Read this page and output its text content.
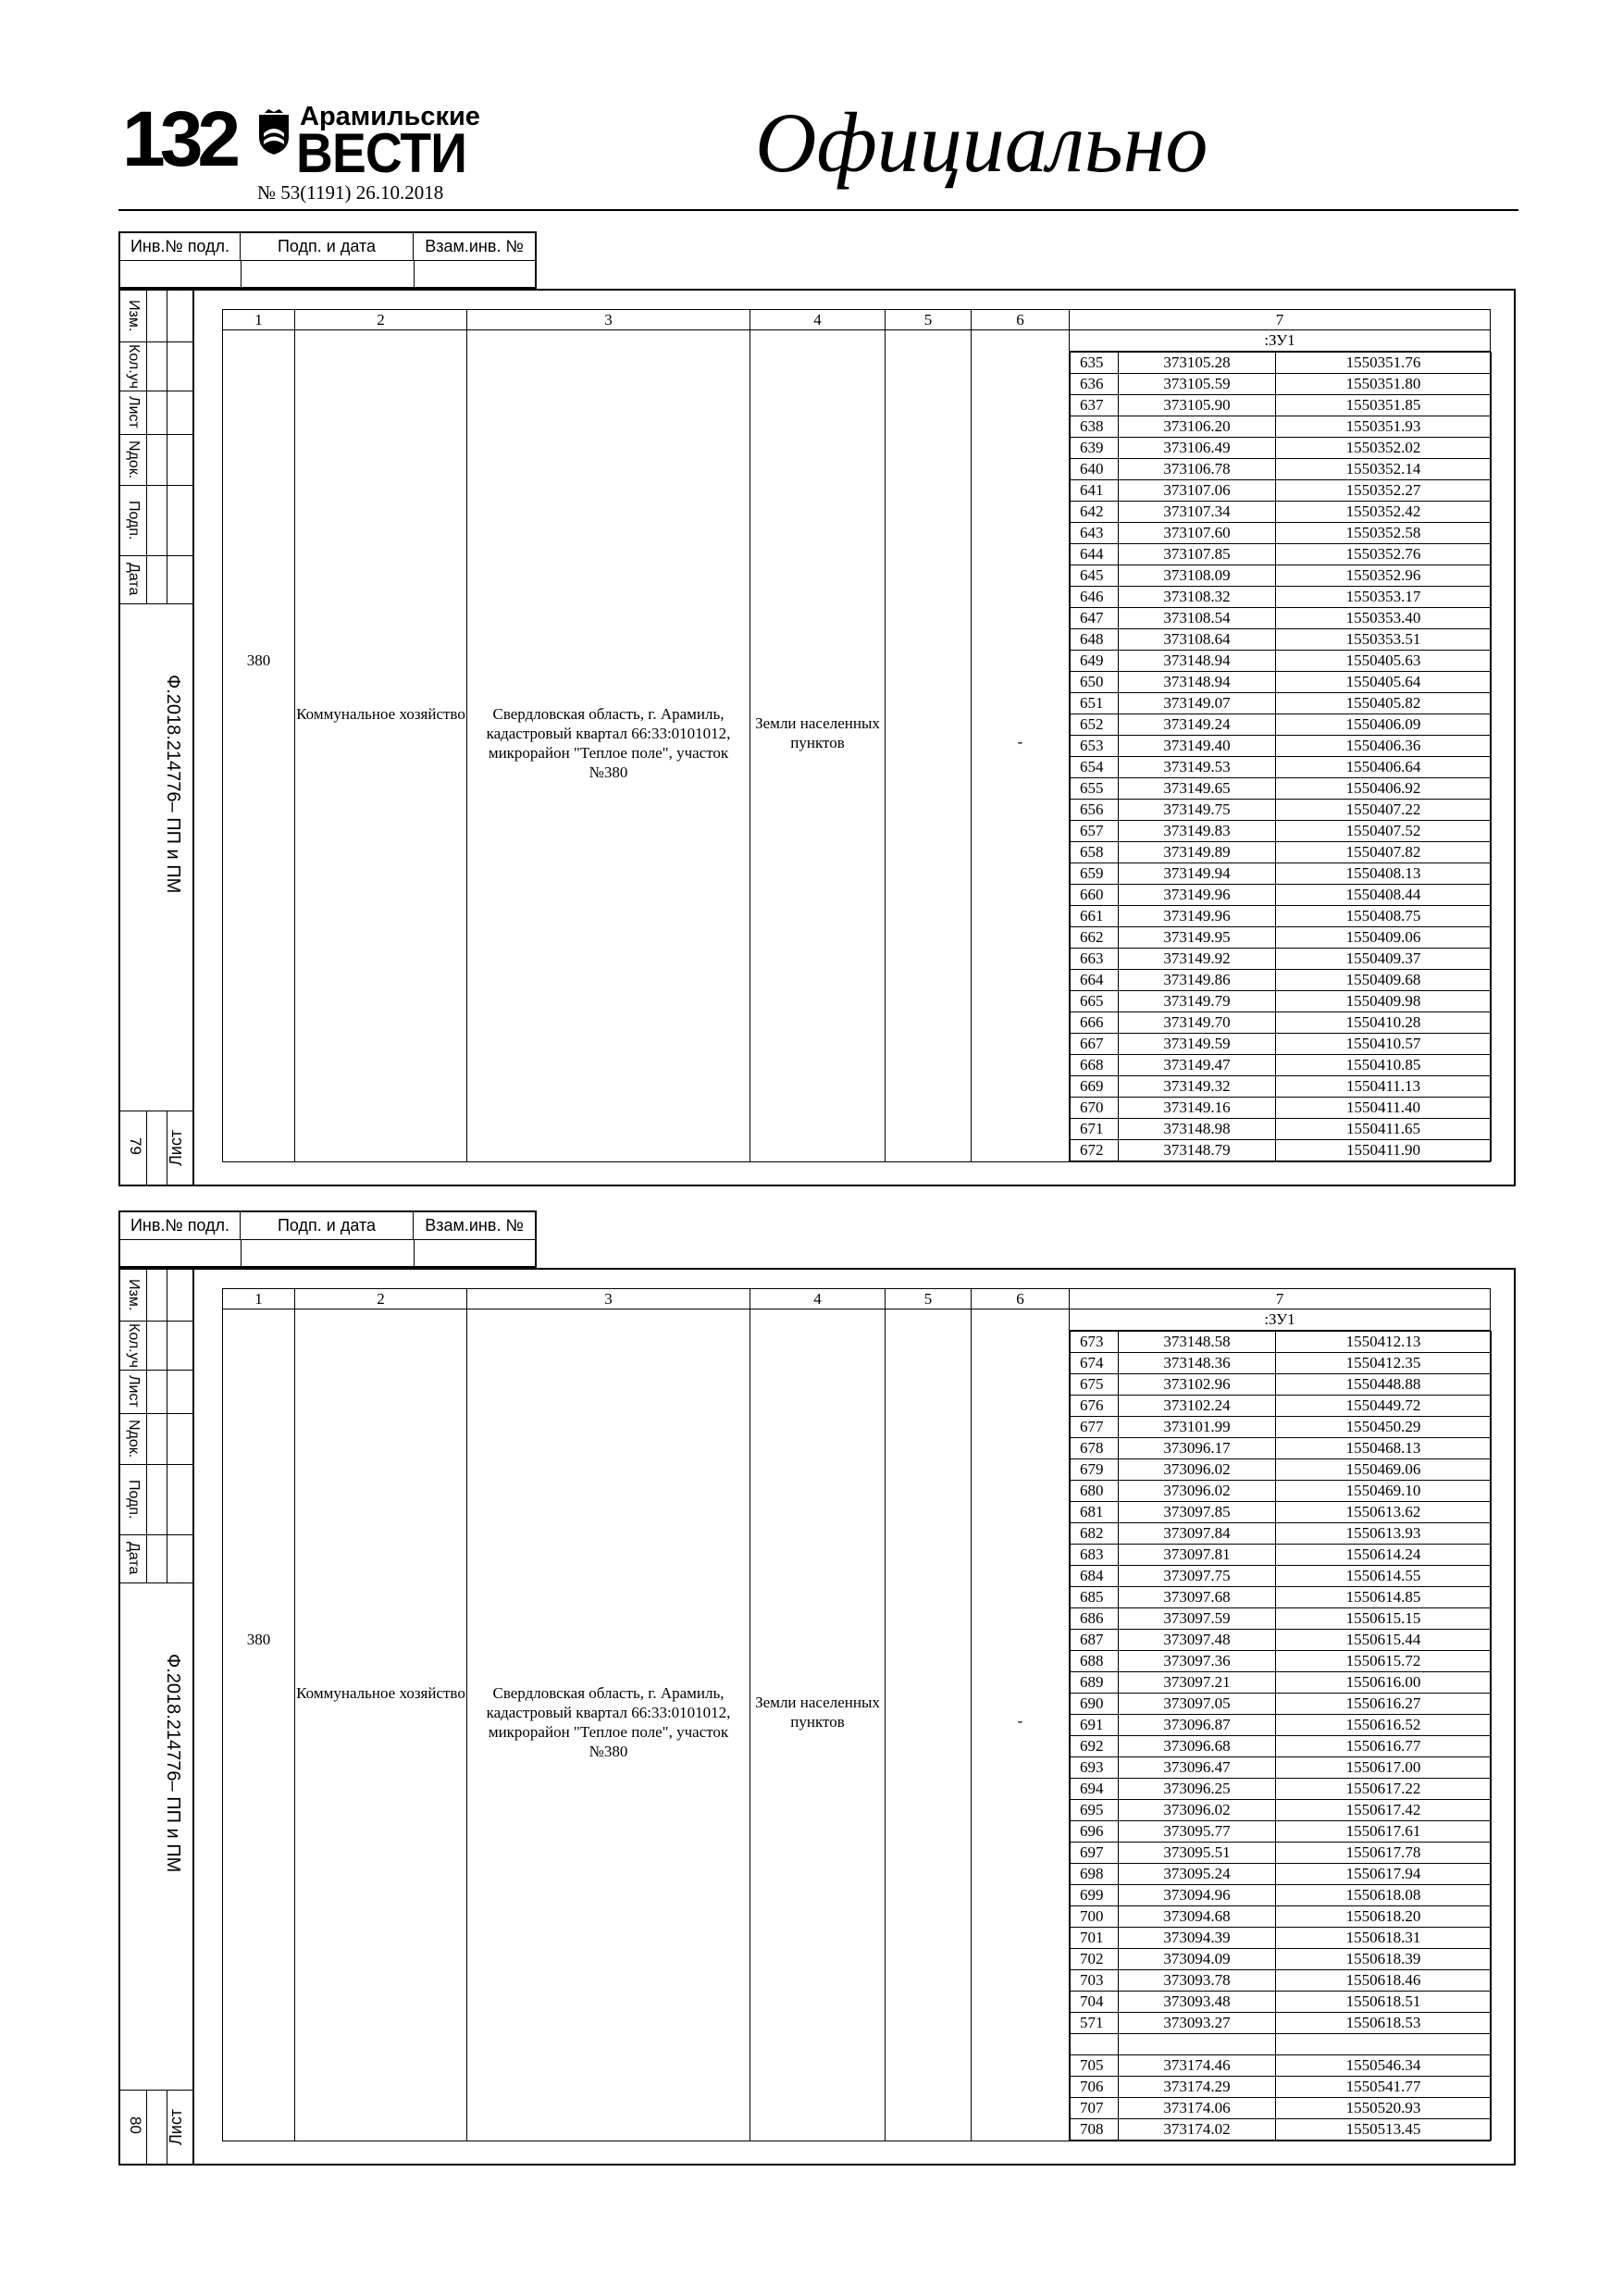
132 Арамильские
ВЕСТИ
№ 53(1191) 26.10.2018
Официально
Инв.№ подл.	Подп. и дата	Взам.инв. №
Изм.
Кол.уч
Лист
Nдок.
Подп.
Дата
Ф.2018.214776– ПП и ПМ
Лист
79
1	2	3	4	5	6	7
380	Коммунальное хозяйство	Свердловская область, г. Арамиль, кадастровый квартал 66:33:0101012, микрорайон "Теплое поле", участок №380	Земли населенных пунктов		-	
:ЗУ1
635	373105.28	1550351.76
636	373105.59	1550351.80
637	373105.90	1550351.85
638	373106.20	1550351.93
639	373106.49	1550352.02
640	373106.78	1550352.14
641	373107.06	1550352.27
642	373107.34	1550352.42
643	373107.60	1550352.58
644	373107.85	1550352.76
645	373108.09	1550352.96
646	373108.32	1550353.17
647	373108.54	1550353.40
648	373108.64	1550353.51
649	373148.94	1550405.63
650	373148.94	1550405.64
651	373149.07	1550405.82
652	373149.24	1550406.09
653	373149.40	1550406.36
654	373149.53	1550406.64
655	373149.65	1550406.92
656	373149.75	1550407.22
657	373149.83	1550407.52
658	373149.89	1550407.82
659	373149.94	1550408.13
660	373149.96	1550408.44
661	373149.96	1550408.75
662	373149.95	1550409.06
663	373149.92	1550409.37
664	373149.86	1550409.68
665	373149.79	1550409.98
666	373149.70	1550410.28
667	373149.59	1550410.57
668	373149.47	1550410.85
669	373149.32	1550411.13
670	373149.16	1550411.40
671	373148.98	1550411.65
672	373148.79	1550411.90
Инв.№ подл.	Подп. и дата	Взам.инв. №
Изм.
Кол.уч
Лист
Nдок.
Подп.
Дата
Ф.2018.214776– ПП и ПМ
Лист
80
1	2	3	4	5	6	7
380	Коммунальное хозяйство	Свердловская область, г. Арамиль, кадастровый квартал 66:33:0101012, микрорайон "Теплое поле", участок №380	Земли населенных пунктов		-	
:ЗУ1
673	373148.58	1550412.13
674	373148.36	1550412.35
675	373102.96	1550448.88
676	373102.24	1550449.72
677	373101.99	1550450.29
678	373096.17	1550468.13
679	373096.02	1550469.06
680	373096.02	1550469.10
681	373097.85	1550613.62
682	373097.84	1550613.93
683	373097.81	1550614.24
684	373097.75	1550614.55
685	373097.68	1550614.85
686	373097.59	1550615.15
687	373097.48	1550615.44
688	373097.36	1550615.72
689	373097.21	1550616.00
690	373097.05	1550616.27
691	373096.87	1550616.52
692	373096.68	1550616.77
693	373096.47	1550617.00
694	373096.25	1550617.22
695	373096.02	1550617.42
696	373095.77	1550617.61
697	373095.51	1550617.78
698	373095.24	1550617.94
699	373094.96	1550618.08
700	373094.68	1550618.20
701	373094.39	1550618.31
702	373094.09	1550618.39
703	373093.78	1550618.46
704	373093.48	1550618.51
571	373093.27	1550618.53

705	373174.46	1550546.34
706	373174.29	1550541.77
707	373174.06	1550520.93
708	373174.02	1550513.45
